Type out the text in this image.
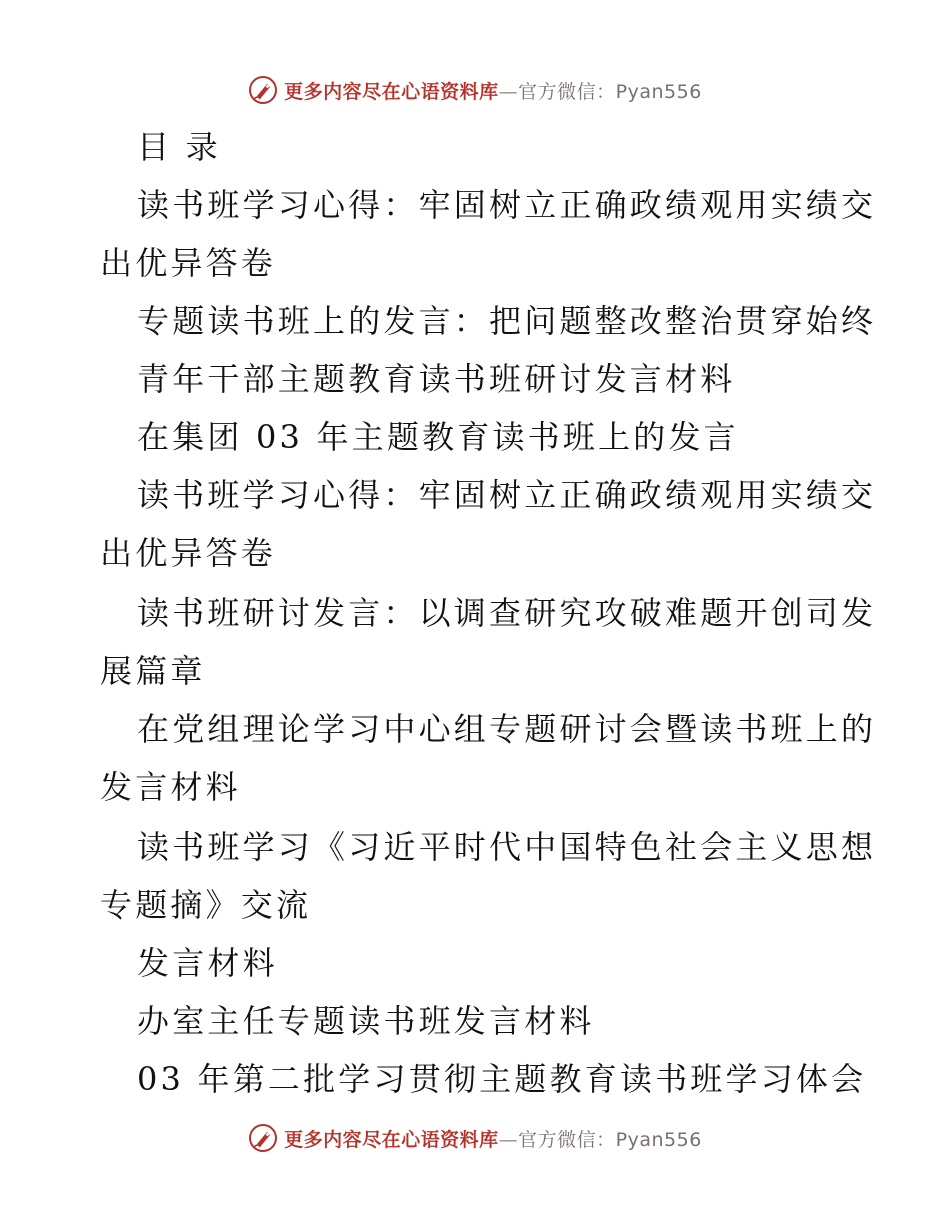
更多内容尽在心语资料库—官方微信：Pyan556
目 录
读书班学习心得：牢固树立正确政绩观用实绩交
出优异答卷
专题读书班上的发言：把问题整改整治贯穿始终
青年干部主题教育读书班研讨发言材料
在集团 03 年主题教育读书班上的发言
读书班学习心得：牢固树立正确政绩观用实绩交
出优异答卷
读书班研讨发言：以调查研究攻破难题开创司发
展篇章
在党组理论学习中心组专题研讨会暨读书班上的
发言材料
读书班学习《习近平时代中国特色社会主义思想
专题摘》交流
发言材料
办室主任专题读书班发言材料
03 年第二批学习贯彻主题教育读书班学习体会
更多内容尽在心语资料库—官方微信：Pyan556
